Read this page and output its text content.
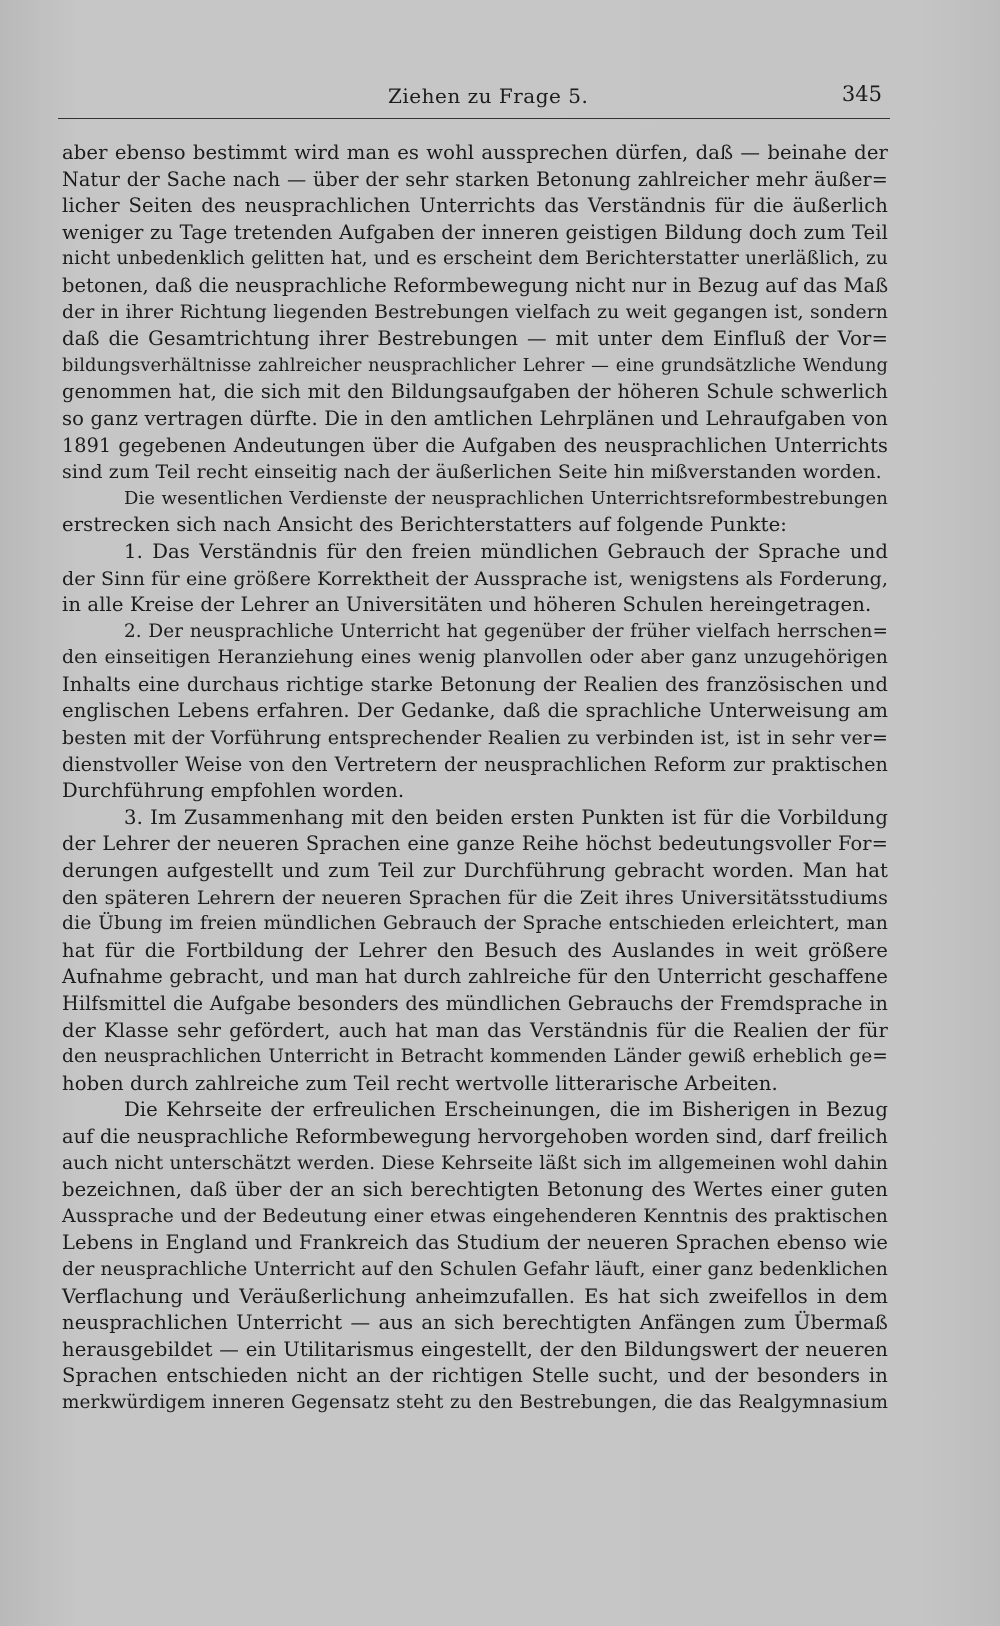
Ziehen zu Frage 5.	345
aber ebenso bestimmt wird man es wohl aussprechen dürfen, daß — beinahe der
Natur der Sache nach — über der sehr starken Betonung zahlreicher mehr äußer=
licher Seiten des neusprachlichen Unterrichts das Verständnis für die äußerlich
weniger zu Tage tretenden Aufgaben der inneren geistigen Bildung doch zum Teil
nicht unbedenklich gelitten hat, und es erscheint dem Berichterstatter unerläßlich, zu
betonen, daß die neusprachliche Reformbewegung nicht nur in Bezug auf das Maß
der in ihrer Richtung liegenden Bestrebungen vielfach zu weit gegangen ist, sondern
daß die Gesamtrichtung ihrer Bestrebungen — mit unter dem Einfluß der Vor=
bildungsverhältnisse zahlreicher neusprachlicher Lehrer — eine grundsätzliche Wendung
genommen hat, die sich mit den Bildungsaufgaben der höheren Schule schwerlich
so ganz vertragen dürfte. Die in den amtlichen Lehrplänen und Lehraufgaben von
1891 gegebenen Andeutungen über die Aufgaben des neusprachlichen Unterrichts
sind zum Teil recht einseitig nach der äußerlichen Seite hin mißverstanden worden.
Die wesentlichen Verdienste der neusprachlichen Unterrichtsreformbestrebungen
erstrecken sich nach Ansicht des Berichterstatters auf folgende Punkte:
1. Das Verständnis für den freien mündlichen Gebrauch der Sprache und
der Sinn für eine größere Korrektheit der Aussprache ist, wenigstens als Forderung,
in alle Kreise der Lehrer an Universitäten und höheren Schulen hereingetragen.
2. Der neusprachliche Unterricht hat gegenüber der früher vielfach herrschen=
den einseitigen Heranziehung eines wenig planvollen oder aber ganz unzugehörigen
Inhalts eine durchaus richtige starke Betonung der Realien des französischen und
englischen Lebens erfahren. Der Gedanke, daß die sprachliche Unterweisung am
besten mit der Vorführung entsprechender Realien zu verbinden ist, ist in sehr ver=
dienstvoller Weise von den Vertretern der neusprachlichen Reform zur praktischen
Durchführung empfohlen worden.
3. Im Zusammenhang mit den beiden ersten Punkten ist für die Vorbildung
der Lehrer der neueren Sprachen eine ganze Reihe höchst bedeutungsvoller For=
derungen aufgestellt und zum Teil zur Durchführung gebracht worden. Man hat
den späteren Lehrern der neueren Sprachen für die Zeit ihres Universitätsstudiums
die Übung im freien mündlichen Gebrauch der Sprache entschieden erleichtert, man
hat für die Fortbildung der Lehrer den Besuch des Auslandes in weit größere
Aufnahme gebracht, und man hat durch zahlreiche für den Unterricht geschaffene
Hilfsmittel die Aufgabe besonders des mündlichen Gebrauchs der Fremdsprache in
der Klasse sehr gefördert, auch hat man das Verständnis für die Realien der für
den neusprachlichen Unterricht in Betracht kommenden Länder gewiß erheblich ge=
hoben durch zahlreiche zum Teil recht wertvolle litterarische Arbeiten.
Die Kehrseite der erfreulichen Erscheinungen, die im Bisherigen in Bezug
auf die neusprachliche Reformbewegung hervorgehoben worden sind, darf freilich
auch nicht unterschätzt werden. Diese Kehrseite läßt sich im allgemeinen wohl dahin
bezeichnen, daß über der an sich berechtigten Betonung des Wertes einer guten
Aussprache und der Bedeutung einer etwas eingehenderen Kenntnis des praktischen
Lebens in England und Frankreich das Studium der neueren Sprachen ebenso wie
der neusprachliche Unterricht auf den Schulen Gefahr läuft, einer ganz bedenklichen
Verflachung und Veräußerlichung anheimzufallen. Es hat sich zweifellos in dem
neusprachlichen Unterricht — aus an sich berechtigten Anfängen zum Übermaß
herausgebildet — ein Utilitarismus eingestellt, der den Bildungswert der neueren
Sprachen entschieden nicht an der richtigen Stelle sucht, und der besonders in
merkwürdigem inneren Gegensatz steht zu den Bestrebungen, die das Realgymnasium
